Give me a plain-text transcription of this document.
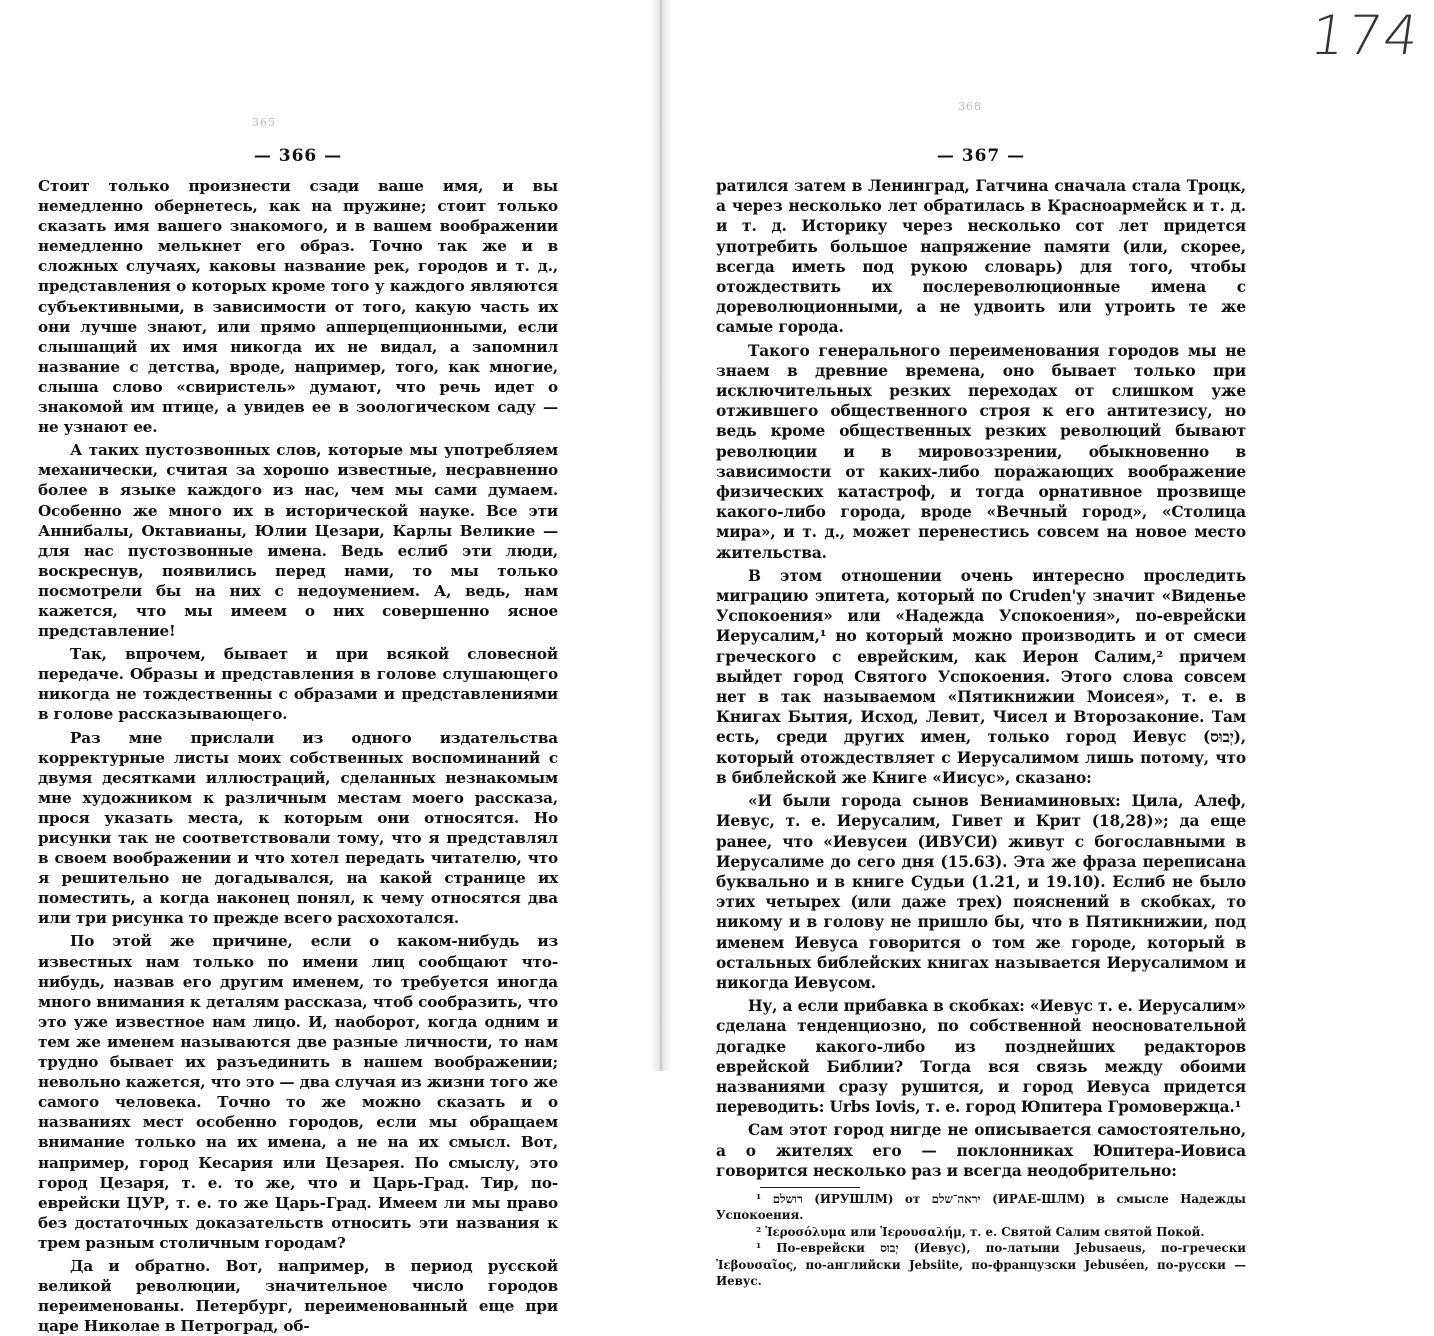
365
368
174
— 366 —

Стоит только произнести сзади ваше имя, и вы немедленно обернетесь, как на пружине; стоит только сказать имя вашего знакомого, и в вашем воображении немедленно мелькнет его образ. Точно так же и в сложных случаях, каковы название рек, городов и т. д., представления о которых кроме того у каждого являются субъективными, в зависимости от того, какую часть их они лучше знают, или прямо апперцепционными, если слышащий их имя никогда их не видал, а запомнил название с детства, вроде, например, того, как многие, слыша слово «свиристель» думают, что речь идет о знакомой им птице, а увидев ее в зоологическом саду — не узнают ее.

А таких пустозвонных слов, которые мы употребляем механически, считая за хорошо известные, несравненно более в языке каждого из нас, чем мы сами думаем. Особенно же много их в исторической науке. Все эти Аннибалы, Октавианы, Юлии Цезари, Карлы Великие — для нас пустозвонные имена. Ведь еслиб эти люди, воскреснув, появились перед нами, то мы только посмотрели бы на них с недоумением. А, ведь, нам кажется, что мы имеем о них совершенно ясное представление!

Так, впрочем, бывает и при всякой словесной передаче. Образы и представления в голове слушающего никогда не тождественны с образами и представлениями в голове рассказывающего.

Раз мне прислали из одного издательства корректурные листы моих собственных воспоминаний с двумя десятками иллюстраций, сделанных незнакомым мне художником к различным местам моего рассказа, прося указать места, к которым они относятся. Но рисунки так не соответствовали тому, что я представлял в своем воображении и что хотел передать читателю, что я решительно не догадывался, на какой странице их поместить, а когда наконец понял, к чему относятся два или три рисунка то прежде всего расхохотался.

По этой же причине, если о каком-нибудь из известных нам только по имени лиц сообщают что-нибудь, назвав его другим именем, то требуется иногда много внимания к деталям рассказа, чтоб сообразить, что это уже известное нам лицо. И, наоборот, когда одним и тем же именем называются две разные личности, то нам трудно бывает их разъединить в нашем воображении; невольно кажется, что это — два случая из жизни того же самого человека. Точно то же можно сказать и о названиях мест особенно городов, если мы обращаем внимание только на их имена, а не на их смысл. Вот, например, город Кесария или Цезарея. По смыслу, это город Цезаря, т. е. то же, что и Царь-Град. Тир, по-еврейски ЦУР, т. е. то же Царь-Град. Имеем ли мы право без достаточных доказательств относить эти названия к трем разным столичным городам?

Да и обратно. Вот, например, в период русской великой революции, значительное число городов переименованы. Петербург, переименованный еще при царе Николае в Петроград, об-

— 367 —

ратился затем в Ленинград, Гатчина сначала стала Троцк, а через несколько лет обратилась в Красноармейск и т. д. и т. д. Историку через несколько сот лет придется употребить большое напряжение памяти (или, скорее, всегда иметь под рукою словарь) для того, чтобы отождествить их послереволюционные имена с дореволюционными, а не удвоить или утроить те же самые города.

Такого генерального переименования городов мы не знаем в древние времена, оно бывает только при исключительных резких переходах от слишком уже отжившего общественного строя к его антитезису, но ведь кроме общественных резких революций бывают революции и в мировоззрении, обыкновенно в зависимости от каких-либо поражающих воображение физических катастроф, и тогда орнативное прозвище какого-либо города, вроде «Вечный город», «Столица мира», и т. д., может перенестись совсем на новое место жительства.

В этом отношении очень интересно проследить миграцию эпитета, который по Cruden'у значит «Виденье Успокоения» или «Надежда Успокоения», по-еврейски Иерусалим,¹ но который можно производить и от смеси греческого с еврейским, как Иерон Салим,² причем выйдет город Святого Успокоения. Этого слова совсем нет в так называемом «Пятикнижии Моисея», т. е. в Книгах Бытия, Исход, Левит, Чисел и Второзаконие. Там есть, среди других имен, только город Иевус (יְבוּס), который отождествляет с Иерусалимом лишь потому, что в библейской же Книге «Иисус», сказано:

«И были города сынов Вениаминовых: Цила, Алеф, Иевус, т. е. Иерусалим, Гивет и Крит (18,28)»; да еще ранее, что «Иевусеи (ИВУСИ) живут с богославными в Иерусалиме до сего дня (15.63). Эта же фраза переписана буквально и в книге Судьи (1.21, и 19.10). Еслиб не было этих четырех (или даже трех) пояснений в скобках, то никому и в голову не пришло бы, что в Пятикнижии, под именем Иевуса говорится о том же городе, который в остальных библейских книгах называется Иерусалимом и никогда Иевусом.

Ну, а если прибавка в скобках: «Иевус т. е. Иерусалим» сделана тенденциозно, по собственной неосновательной догадке какого-либо из позднейших редакторов еврейской Библии? Тогда вся связь между обоими названиями сразу рушится, и город Иевуса придется переводить: Urbs Iovis, т. е. город Юпитера Громовержца.¹

Сам этот город нигде не описывается самостоятельно, а о жителях его — поклонниках Юпитера-Иовиса говорится несколько раз и всегда неодобрительно:

¹ רושלם (ИРУШЛМ) от יראה־שלם (ИРАЕ-ШЛМ) в смысле Надежды Успокоения.

² Ἱεροσόλυμα или Ἱερουσαλήμ, т. е. Святой Салим святой Покой.

¹ По-еврейски יְבוּס (Иевус), по-латыни Jebusaeus, по-гречески Ἰεβουσαῖος, по-английски Jebsiite, по-французски Jebuséen, по-русски — Иевус.
